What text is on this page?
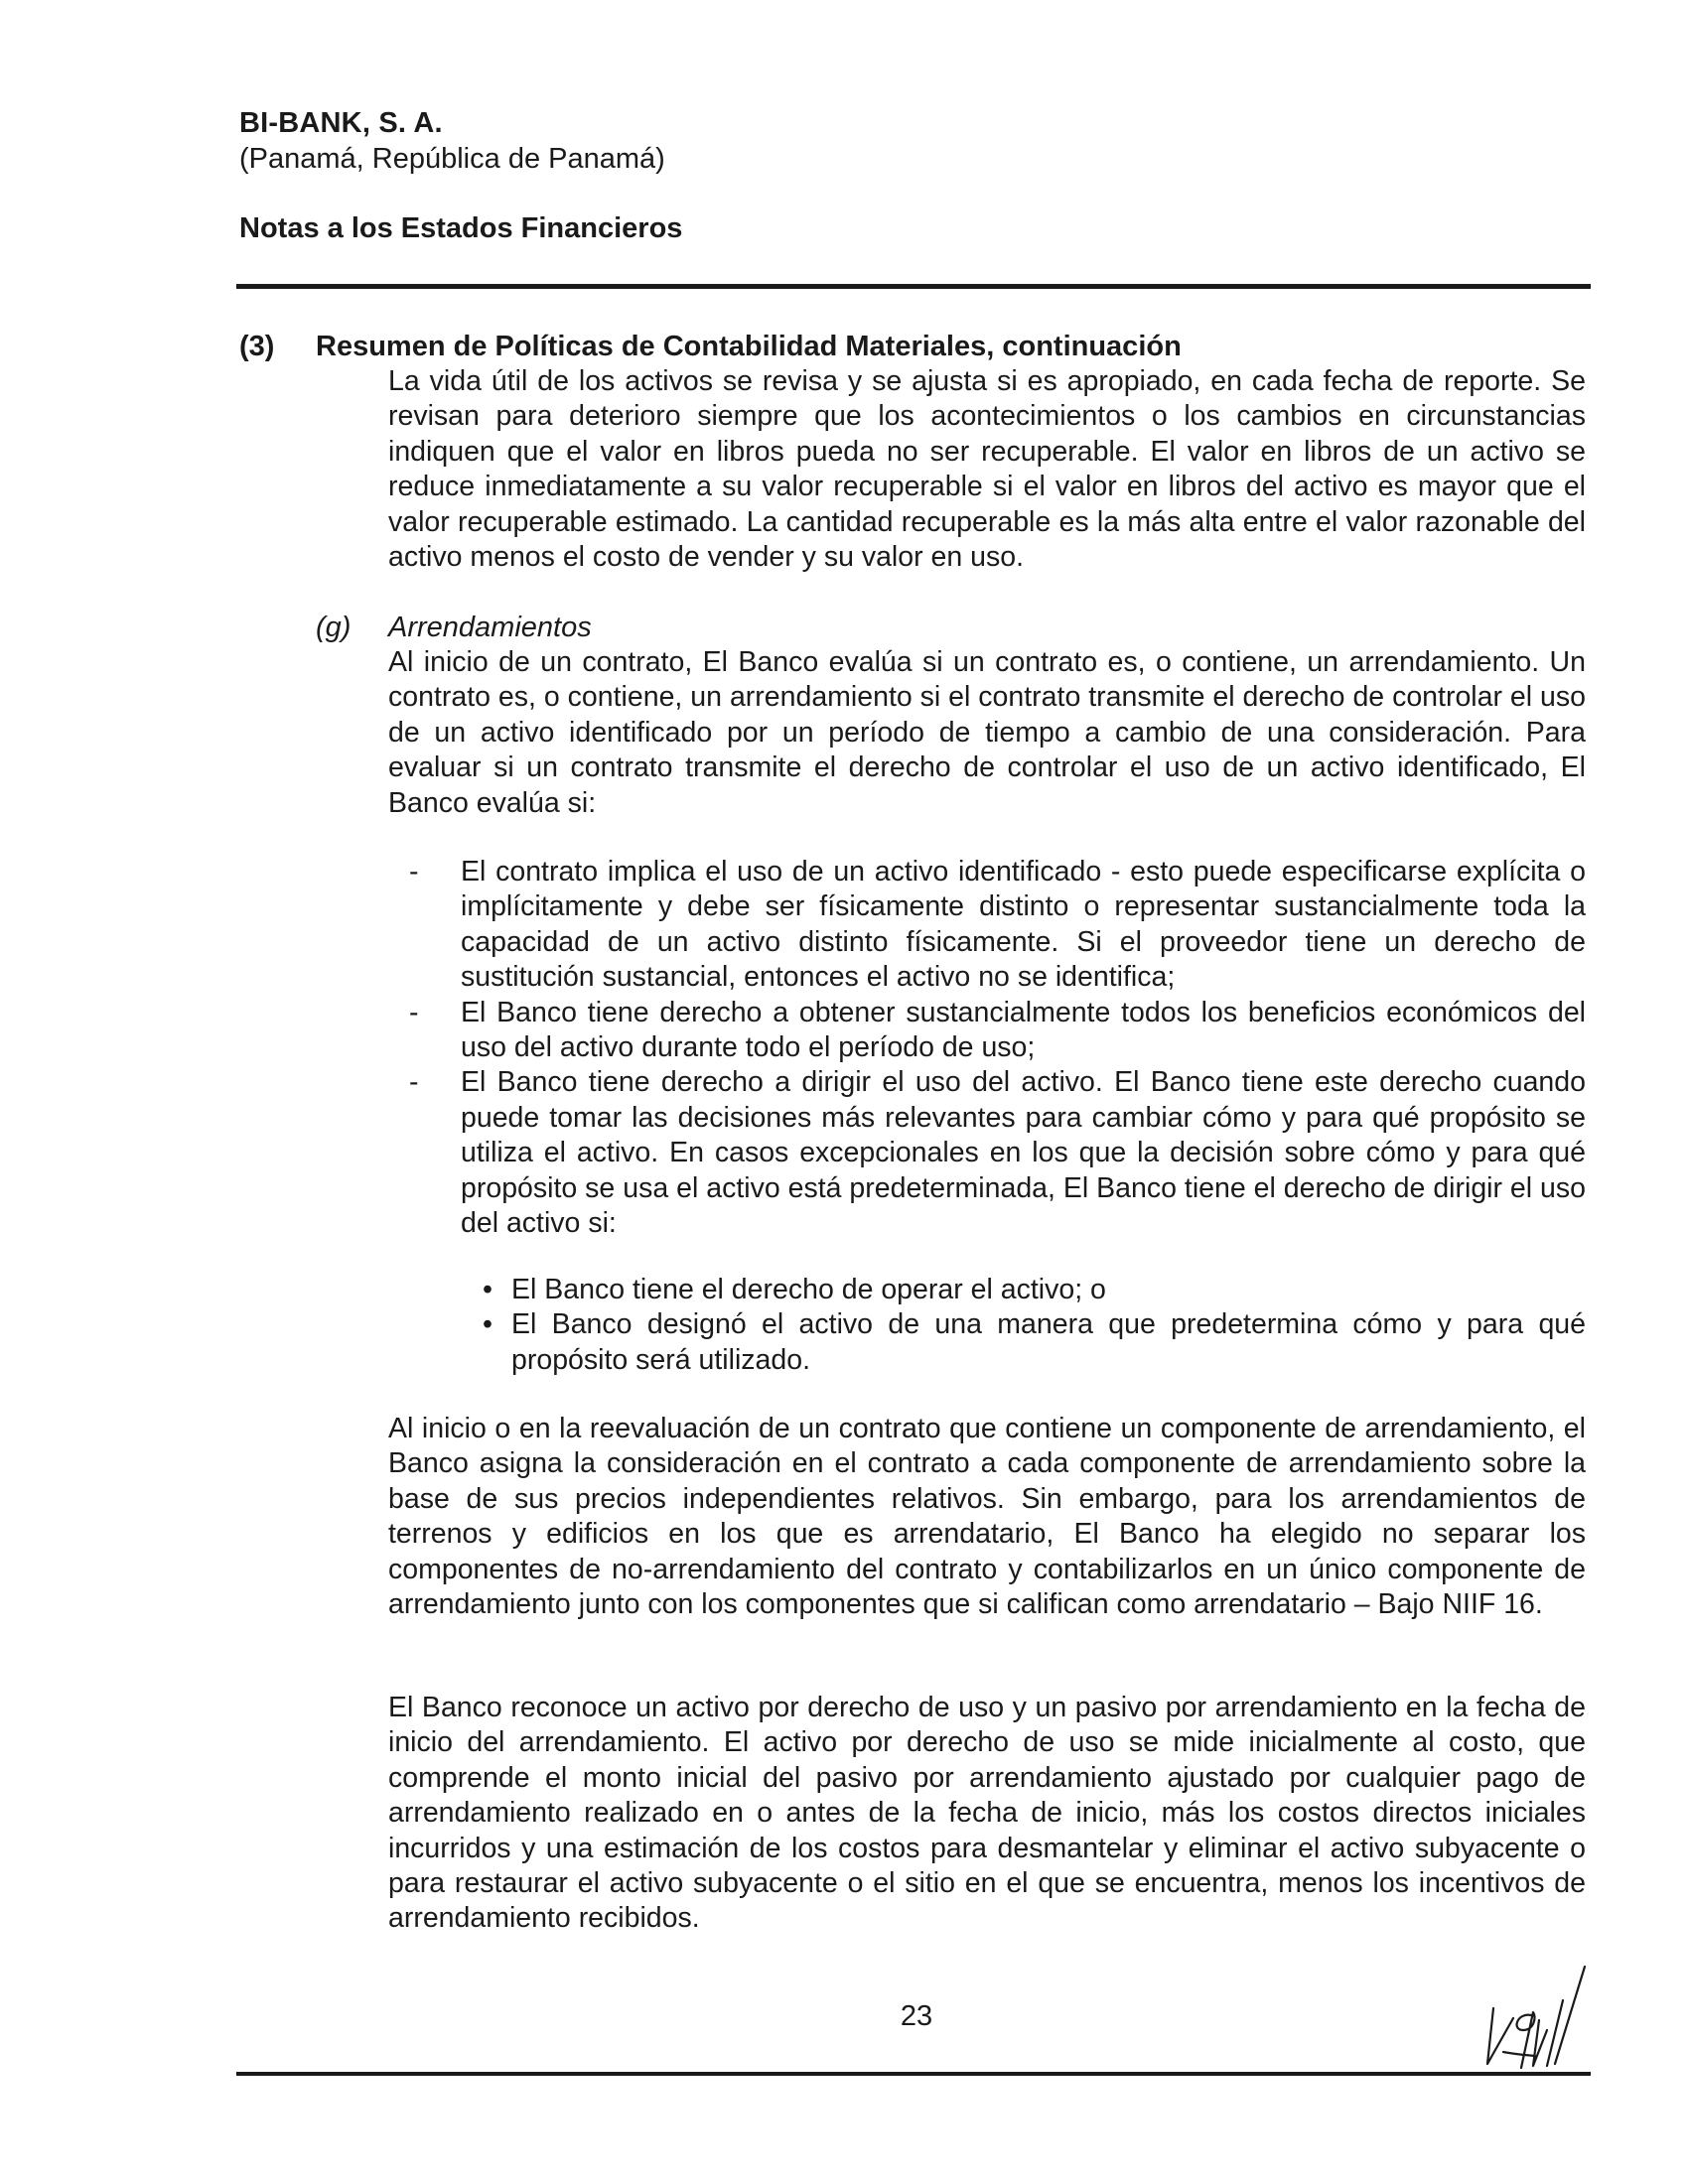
BI-BANK, S. A.
(Panamá, República de Panamá)
Notas a los Estados Financieros
(3) Resumen de Políticas de Contabilidad Materiales, continuación

La vida útil de los activos se revisa y se ajusta si es apropiado, en cada fecha de reporte. Se revisan para deterioro siempre que los acontecimientos o los cambios en circunstancias indiquen que el valor en libros pueda no ser recuperable. El valor en libros de un activo se reduce inmediatamente a su valor recuperable si el valor en libros del activo es mayor que el valor recuperable estimado. La cantidad recuperable es la más alta entre el valor razonable del activo menos el costo de vender y su valor en uso.

(g) Arrendamientos

Al inicio de un contrato, El Banco evalúa si un contrato es, o contiene, un arrendamiento. Un contrato es, o contiene, un arrendamiento si el contrato transmite el derecho de controlar el uso de un activo identificado por un período de tiempo a cambio de una consideración. Para evaluar si un contrato transmite el derecho de controlar el uso de un activo identificado, El Banco evalúa si:

- El contrato implica el uso de un activo identificado - esto puede especificarse explícita o implícitamente y debe ser físicamente distinto o representar sustancialmente toda la capacidad de un activo distinto físicamente. Si el proveedor tiene un derecho de sustitución sustancial, entonces el activo no se identifica;
- El Banco tiene derecho a obtener sustancialmente todos los beneficios económicos del uso del activo durante todo el período de uso;
- El Banco tiene derecho a dirigir el uso del activo. El Banco tiene este derecho cuando puede tomar las decisiones más relevantes para cambiar cómo y para qué propósito se utiliza el activo. En casos excepcionales en los que la decisión sobre cómo y para qué propósito se usa el activo está predeterminada, El Banco tiene el derecho de dirigir el uso del activo si:
• El Banco tiene el derecho de operar el activo; o
• El Banco designó el activo de una manera que predetermina cómo y para qué propósito será utilizado.

Al inicio o en la reevaluación de un contrato que contiene un componente de arrendamiento, el Banco asigna la consideración en el contrato a cada componente de arrendamiento sobre la base de sus precios independientes relativos. Sin embargo, para los arrendamientos de terrenos y edificios en los que es arrendatario, El Banco ha elegido no separar los componentes de no-arrendamiento del contrato y contabilizarlos en un único componente de arrendamiento junto con los componentes que si califican como arrendatario – Bajo NIIF 16.

El Banco reconoce un activo por derecho de uso y un pasivo por arrendamiento en la fecha de inicio del arrendamiento. El activo por derecho de uso se mide inicialmente al costo, que comprende el monto inicial del pasivo por arrendamiento ajustado por cualquier pago de arrendamiento realizado en o antes de la fecha de inicio, más los costos directos iniciales incurridos y una estimación de los costos para desmantelar y eliminar el activo subyacente o para restaurar el activo subyacente o el sitio en el que se encuentra, menos los incentivos de arrendamiento recibidos.

23
